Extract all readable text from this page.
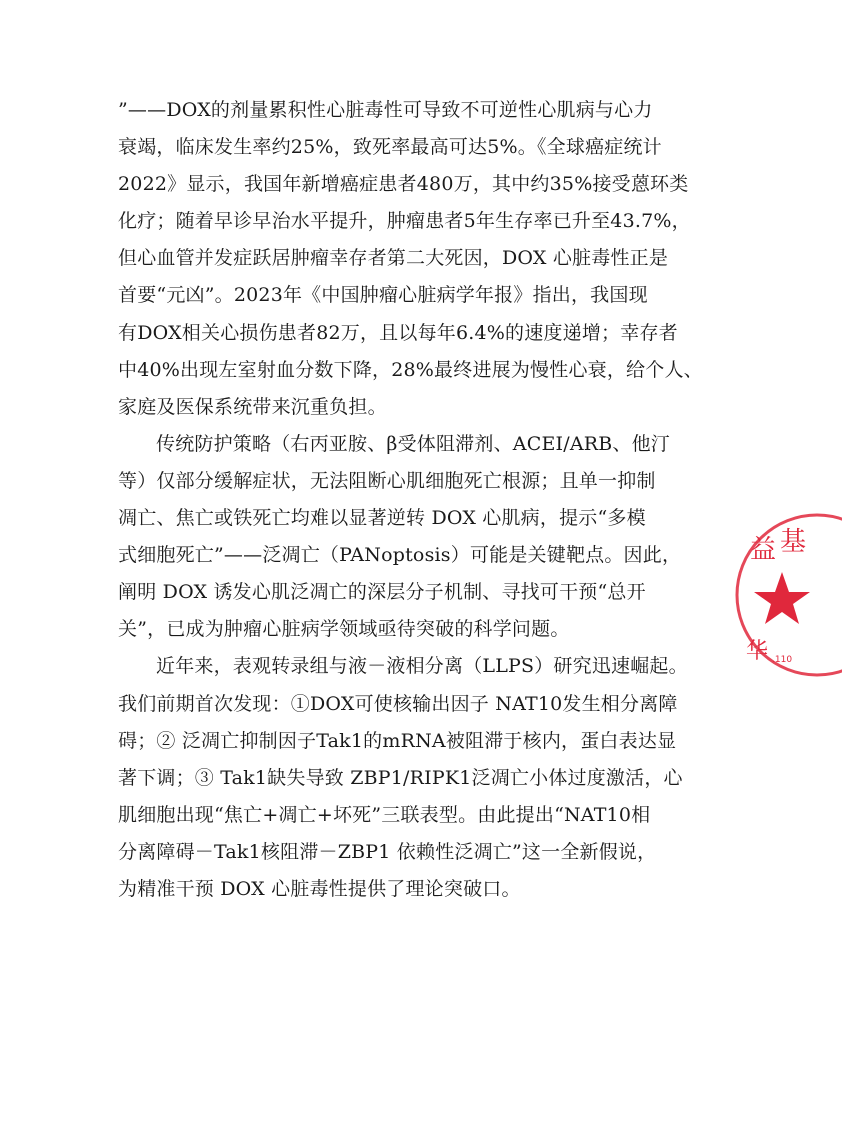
”——DOX的剂量累积性心脏毒性可导致不可逆性心肌病与心力
衰竭，临床发生率约25%，致死率最高可达5%。《全球癌症统计
2022》显示，我国年新增癌症患者480万，其中约35%接受蒽环类
化疗；随着早诊早治水平提升，肿瘤患者5年生存率已升至43.7%，
但心血管并发症跃居肿瘤幸存者第二大死因，DOX 心脏毒性正是
首要“元凶”。2023年《中国肿瘤心脏病学年报》指出，我国现
有DOX相关心损伤患者82万，且以每年6.4%的速度递增；幸存者
中40%出现左室射血分数下降，28%最终进展为慢性心衰，给个人、
家庭及医保系统带来沉重负担。
传统防护策略（右丙亚胺、β受体阻滞剂、ACEI/ARB、他汀
等）仅部分缓解症状，无法阻断心肌细胞死亡根源；且单一抑制
凋亡、焦亡或铁死亡均难以显著逆转 DOX 心肌病，提示“多模
式细胞死亡”——泛凋亡（PANoptosis）可能是关键靶点。因此，
阐明 DOX 诱发心肌泛凋亡的深层分子机制、寻找可干预“总开
关”，已成为肿瘤心脏病学领域亟待突破的科学问题。
近年来，表观转录组与液－液相分离（LLPS）研究迅速崛起。
我们前期首次发现：①DOX可使核输出因子 NAT10发生相分离障
碍；② 泛凋亡抑制因子Tak1的mRNA被阻滞于核内，蛋白表达显
著下调；③ Tak1缺失导致 ZBP1/RIPK1泛凋亡小体过度激活，心
肌细胞出现“焦亡+凋亡+坏死”三联表型。由此提出“NAT10相
分离障碍－Tak1核阻滞－ZBP1 依赖性泛凋亡”这一全新假说，
为精准干预 DOX 心脏毒性提供了理论突破口。
益 基
华 .110
